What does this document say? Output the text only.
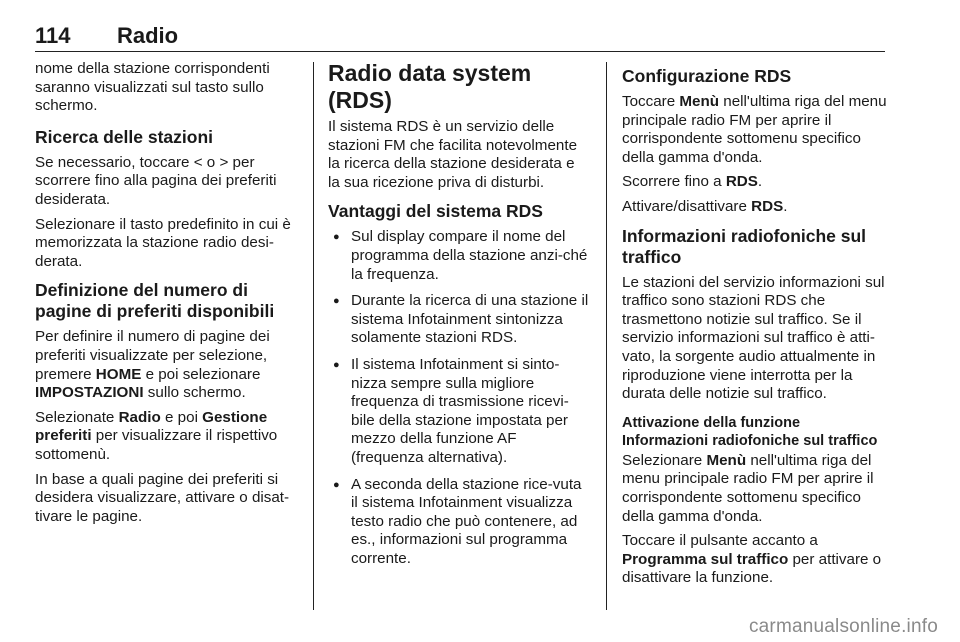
114 Radio

nome della stazione corrispondenti saranno visualizzati sul tasto sullo schermo.

Ricerca delle stazioni

Se necessario, toccare < o > per scorrere fino alla pagina dei preferiti desiderata.

Selezionare il tasto predefinito in cui è memorizzata la stazione radio desi-derata.

Definizione del numero di pagine di preferiti disponibili

Per definire il numero di pagine dei preferiti visualizzate per selezione, premere HOME e poi selezionare IMPOSTAZIONI sullo schermo.

Selezionate Radio e poi Gestione preferiti per visualizzare il rispettivo sottomenù.

In base a quali pagine dei preferiti si desidera visualizzare, attivare o disat-tivare le pagine.

Radio data system (RDS)

Il sistema RDS è un servizio delle stazioni FM che facilita notevolmente la ricerca della stazione desiderata e la sua ricezione priva di disturbi.

Vantaggi del sistema RDS
● Sul display compare il nome del programma della stazione anzi-ché la frequenza.
● Durante la ricerca di una stazione il sistema Infotainment sintonizza solamente stazioni RDS.
● Il sistema Infotainment si sinto-nizza sempre sulla migliore frequenza di trasmissione ricevi-bile della stazione impostata per mezzo della funzione AF (frequenza alternativa).
● A seconda della stazione rice-vuta il sistema Infotainment visualizza testo radio che può contenere, ad es., informazioni sul programma corrente.
Configurazione RDS

Toccare Menù nell'ultima riga del menu principale radio FM per aprire il corrispondente sottomenu specifico della gamma d'onda.

Scorrere fino a RDS.

Attivare/disattivare RDS.

Informazioni radiofoniche sul traffico

Le stazioni del servizio informazioni sul traffico sono stazioni RDS che trasmettono notizie sul traffico. Se il servizio informazioni sul traffico è atti-vato, la sorgente audio attualmente in riproduzione viene interrotta per la durata delle notizie sul traffico.

Attivazione della funzione Informazioni radiofoniche sul traffico

Selezionare Menù nell'ultima riga del menu principale radio FM per aprire il corrispondente sottomenu specifico della gamma d'onda.

Toccare il pulsante accanto a Programma sul traffico per attivare o disattivare la funzione.

carmanualsonline.info
